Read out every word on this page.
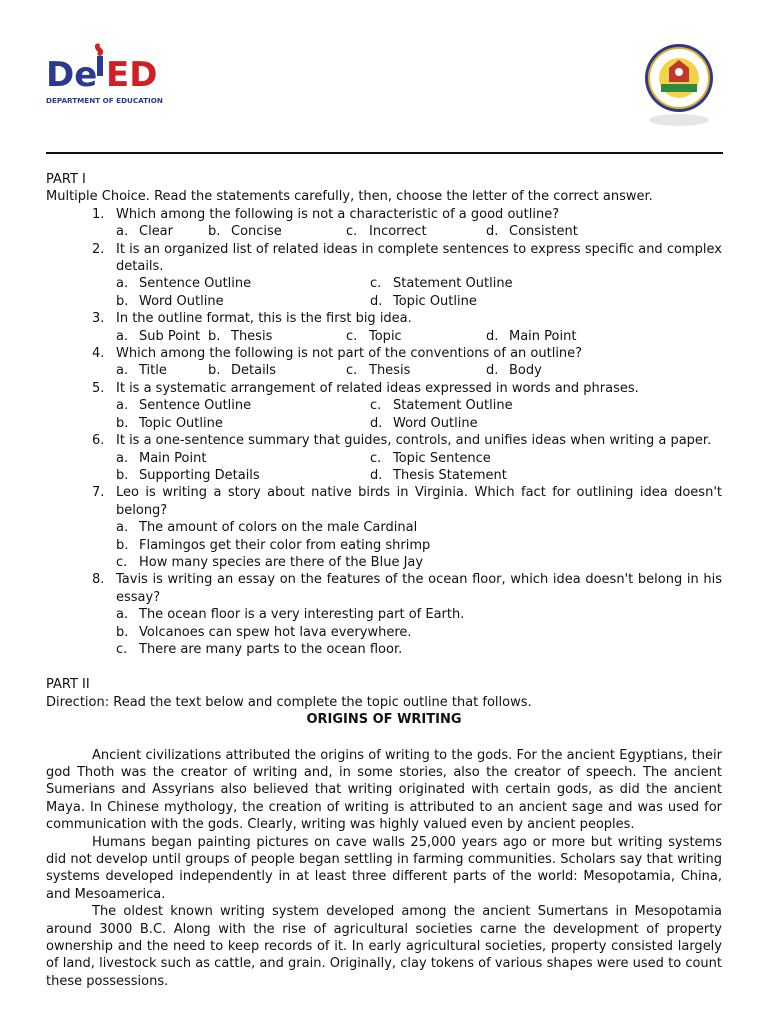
De ED
DEPARTMENT OF EDUCATION

PART I

Multiple Choice. Read the statements carefully, then, choose the letter of the correct answer.

1. Which among the following is not a characteristic of a good outline?
a. Clear	b. Concise	c. Incorrect	d. Consistent
2. It is an organized list of related ideas in complete sentences to express specific and complex details.
a. Sentence Outline	c. Statement Outline
b. Word Outline	d. Topic Outline
3. In the outline format, this is the first big idea.
a. Sub Point b. Thesis	c. Topic	d. Main Point
4. Which among the following is not part of the conventions of an outline?
a. Title	b. Details	c. Thesis	d. Body
5. It is a systematic arrangement of related ideas expressed in words and phrases.
a. Sentence Outline	c. Statement Outline
b. Topic Outline	d. Word Outline
6. It is a one-sentence summary that guides, controls, and unifies ideas when writing a paper.
a. Main Point	c. Topic Sentence
b. Supporting Details	d. Thesis Statement
7. Leo is writing a story about native birds in Virginia. Which fact for outlining idea doesn't belong?
a. The amount of colors on the male Cardinal
b. Flamingos get their color from eating shrimp
c. How many species are there of the Blue Jay
8. Tavis is writing an essay on the features of the ocean floor, which idea doesn't belong in his essay?
a. The ocean floor is a very interesting part of Earth.
b. Volcanoes can spew hot lava everywhere.
c. There are many parts to the ocean floor.

PART II

Direction: Read the text below and complete the topic outline that follows.

ORIGINS OF WRITING

Ancient civilizations attributed the origins of writing to the gods. For the ancient Egyptians, their god Thoth was the creator of writing and, in some stories, also the creator of speech. The ancient Sumerians and Assyrians also believed that writing originated with certain gods, as did the ancient Maya. In Chinese mythology, the creation of writing is attributed to an ancient sage and was used for communication with the gods. Clearly, writing was highly valued even by ancient peoples.

Humans began painting pictures on cave walls 25,000 years ago or more but writing systems did not develop until groups of people began settling in farming communities. Scholars say that writing systems developed independently in at least three different parts of the world: Mesopotamia, China, and Mesoamerica.

The oldest known writing system developed among the ancient Sumertans in Mesopotamia around 3000 B.C. Along with the rise of agricultural societies carne the development of property ownership and the need to keep records of it. In early agricultural societies, property consisted largely of land, livestock such as cattle, and grain. Originally, clay tokens of various shapes were used to count these possessions.
